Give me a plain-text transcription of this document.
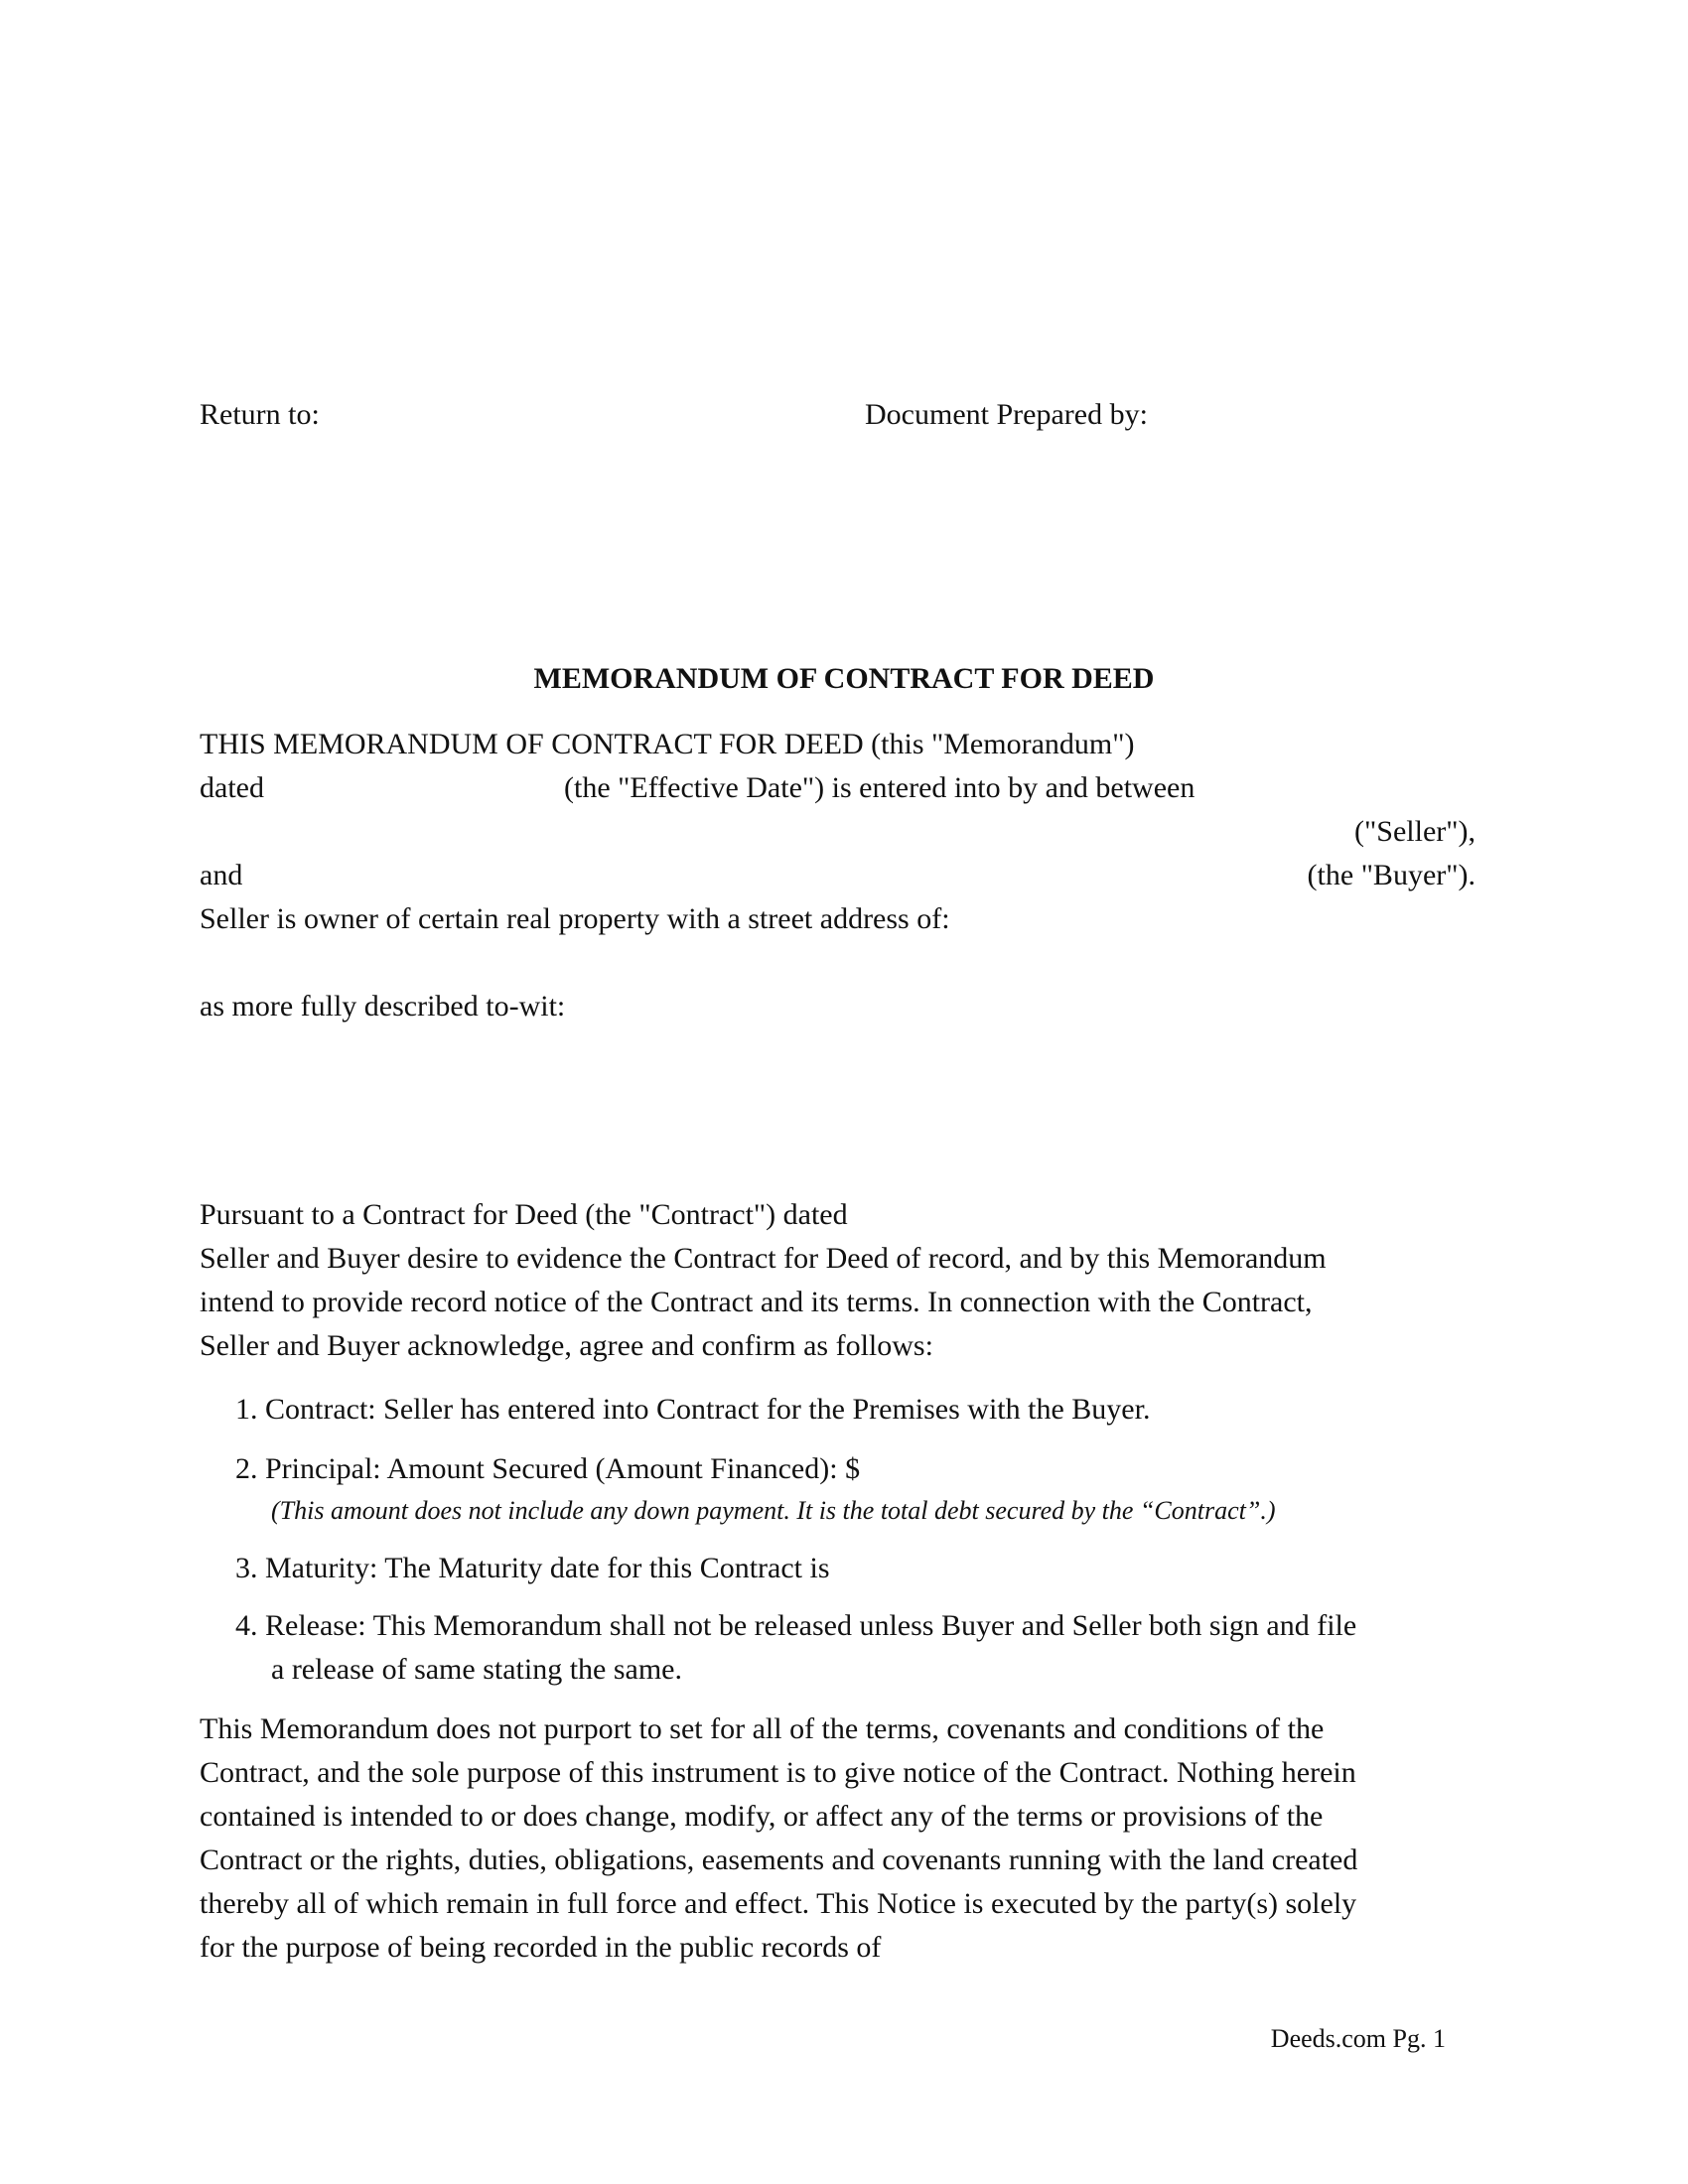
Return to:	Document Prepared by:
MEMORANDUM OF CONTRACT FOR DEED
THIS MEMORANDUM OF CONTRACT FOR DEED (this "Memorandum")
dated	(the "Effective Date") is entered into by and between
("Seller"),
and	(the "Buyer").
Seller is owner of certain real property with a street address of:
as more fully described to-wit:
Pursuant to a Contract for Deed (the "Contract") dated
Seller and Buyer desire to evidence the Contract for Deed of record, and by this Memorandum
intend to provide record notice of the Contract and its terms. In connection with the Contract,
Seller and Buyer acknowledge, agree and confirm as follows:
1. Contract: Seller has entered into Contract for the Premises with the Buyer.
2. Principal: Amount Secured (Amount Financed): $
(This amount does not include any down payment. It is the total debt secured by the “Contract”.)
3. Maturity: The Maturity date for this Contract is
4. Release: This Memorandum shall not be released unless Buyer and Seller both sign and file
a release of same stating the same.
This Memorandum does not purport to set for all of the terms, covenants and conditions of the
Contract, and the sole purpose of this instrument is to give notice of the Contract. Nothing herein
contained is intended to or does change, modify, or affect any of the terms or provisions of the
Contract or the rights, duties, obligations, easements and covenants running with the land created
thereby all of which remain in full force and effect. This Notice is executed by the party(s) solely
for the purpose of being recorded in the public records of
Deeds.com Pg. 1
